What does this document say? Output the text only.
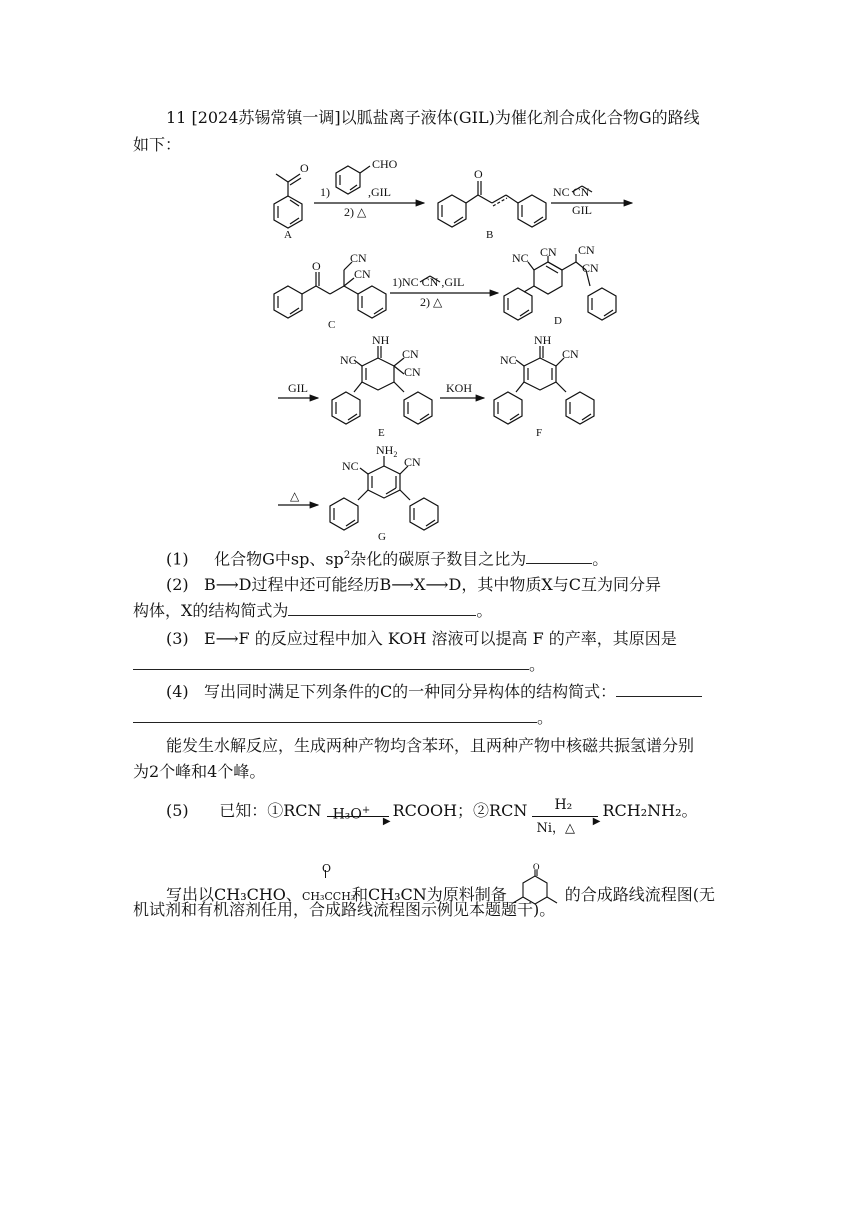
11 [2024苏锡常镇一调]以胍盐离子液体(GIL)为催化剂合成化合物G的路线
如下：
O
A
1)
CHO
,GIL
2) △
O
B
NC CN
GIL
O
CN
CN
C
1)NC CN ,GIL
2) △
NC CN CN
CN
D
GIL
NH
NC	CN
CN
E
KOH
NH
NC	CN
F
△
$NH_2$
NC	CN
G
(1) 化合物G中sp、$sp^2$杂化的碳原子数目之比为	。
(2) B⟶D过程中还可能经历B⟶X⟶D，其中物质X与C互为同分异
构体，X的结构简式为	。
(3) E⟶F 的反应过程中加入 KOH 溶液可以提高 F 的产率，其原因是
。
(4) 写出同时满足下列条件的C的一种同分异构体的结构简式：
。
能发生水解反应，生成两种产物均含苯环，且两种产物中核磁共振氢谱分别
为2个峰和4个峰。
(5) 已知：①RCN H₃O+
▶
RCOOH；②RCN H₂
▶
Ni，△
RCH₂NH₂。
写出以CH₃CHO、
O
CH₃CCH₃和CH₃CN为原料制备
O
的合成路线流程图(无
机试剂和有机溶剂任用，合成路线流程图示例见本题题干)。
